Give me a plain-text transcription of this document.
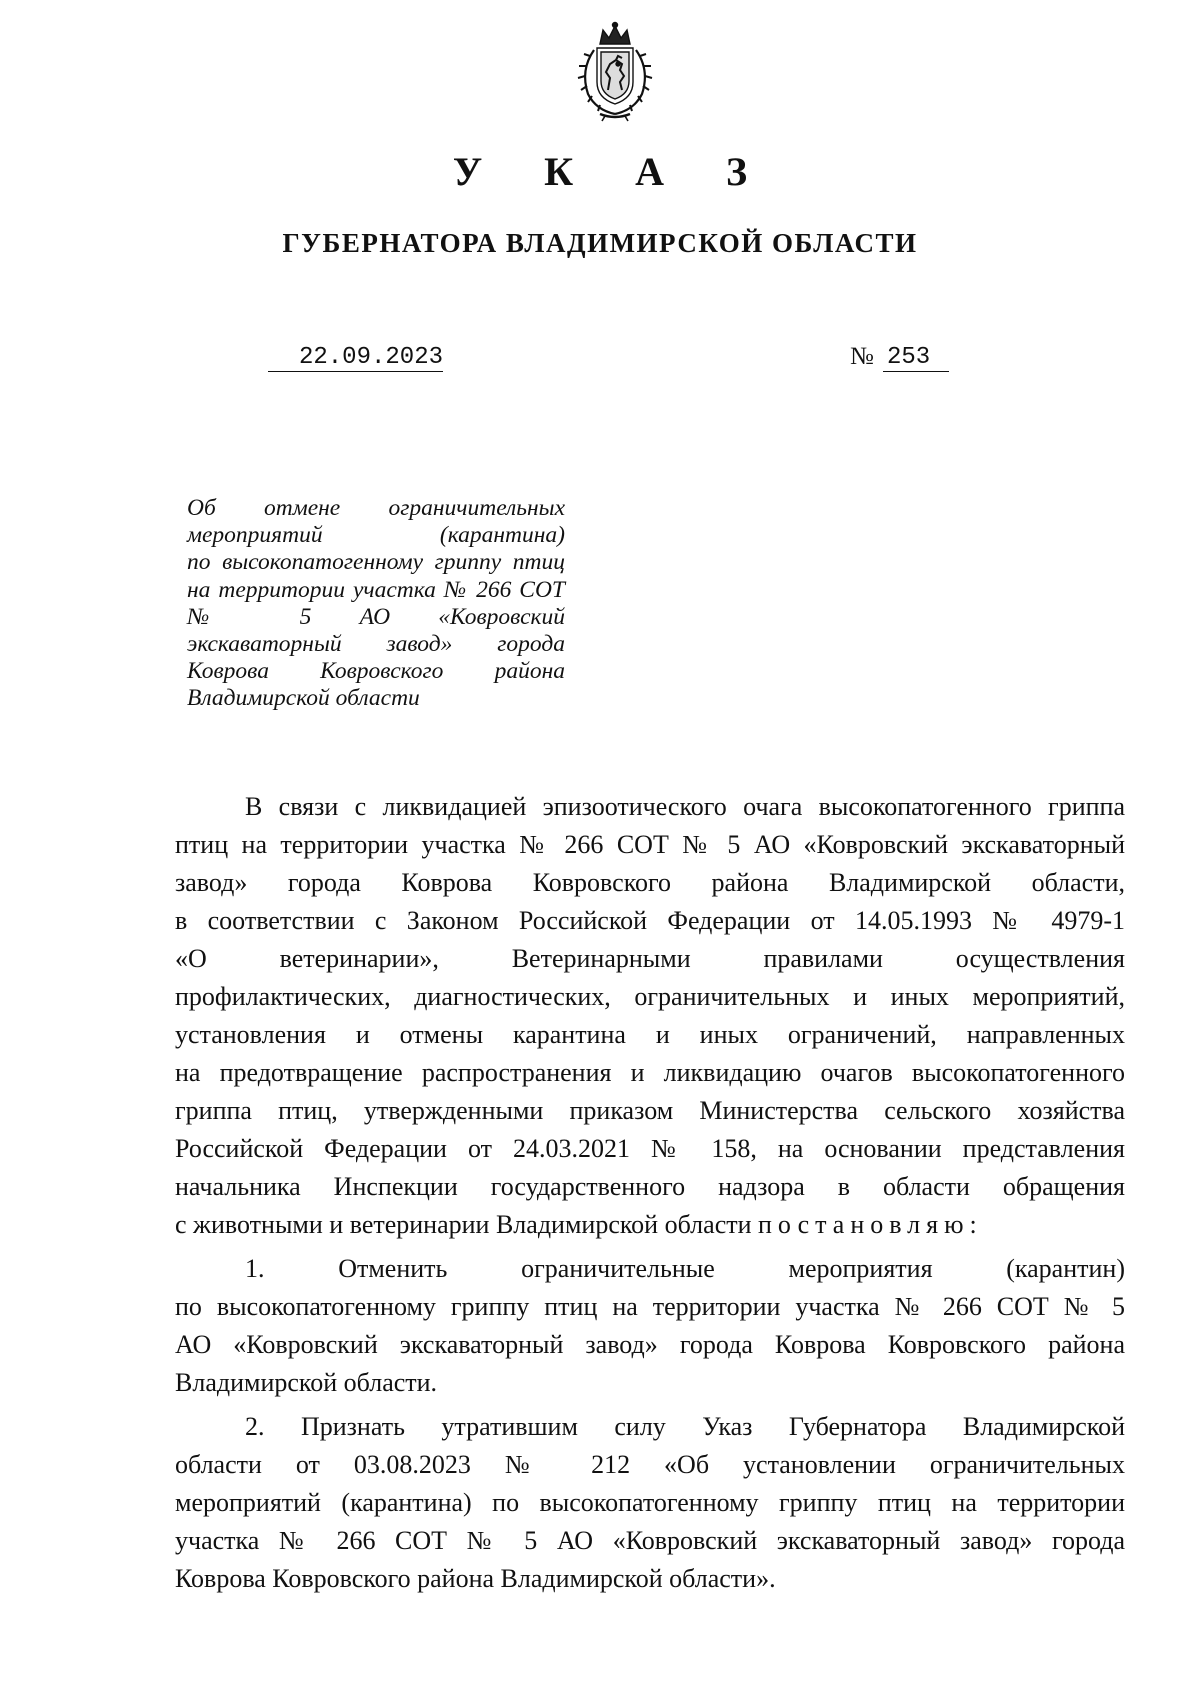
У К А З
ГУБЕРНАТОРА ВЛАДИМИРСКОЙ ОБЛАСТИ
22.09.2023	№ 253
Об отмене ограничительных
мероприятий (карантина)
по высокопатогенному гриппу птиц
на территории участка № 266 СОТ
№ 5 АО «Ковровский
экскаваторный завод» города
Коврова Ковровского района
Владимирской области
В связи с ликвидацией эпизоотического очага высокопатогенного гриппа
птиц на территории участка № 266 СОТ № 5 АО «Ковровский экскаваторный
завод» города Коврова Ковровского района Владимирской области,
в соответствии с Законом Российской Федерации от 14.05.1993 № 4979-1
«О ветеринарии», Ветеринарными правилами осуществления
профилактических, диагностических, ограничительных и иных мероприятий,
установления и отмены карантина и иных ограничений, направленных
на предотвращение распространения и ликвидацию очагов высокопатогенного
гриппа птиц, утвержденными приказом Министерства сельского хозяйства
Российской Федерации от 24.03.2021 № 158, на основании представления
начальника Инспекции государственного надзора в области обращения
с животными и ветеринарии Владимирской области постановляю:
1. Отменить ограничительные мероприятия (карантин)
по высокопатогенному гриппу птиц на территории участка № 266 СОТ № 5
АО «Ковровский экскаваторный завод» города Коврова Ковровского района
Владимирской области.
2. Признать утратившим силу Указ Губернатора Владимирской
области от 03.08.2023 № 212 «Об установлении ограничительных
мероприятий (карантина) по высокопатогенному гриппу птиц на территории
участка № 266 СОТ № 5 АО «Ковровский экскаваторный завод» города
Коврова Ковровского района Владимирской области».
